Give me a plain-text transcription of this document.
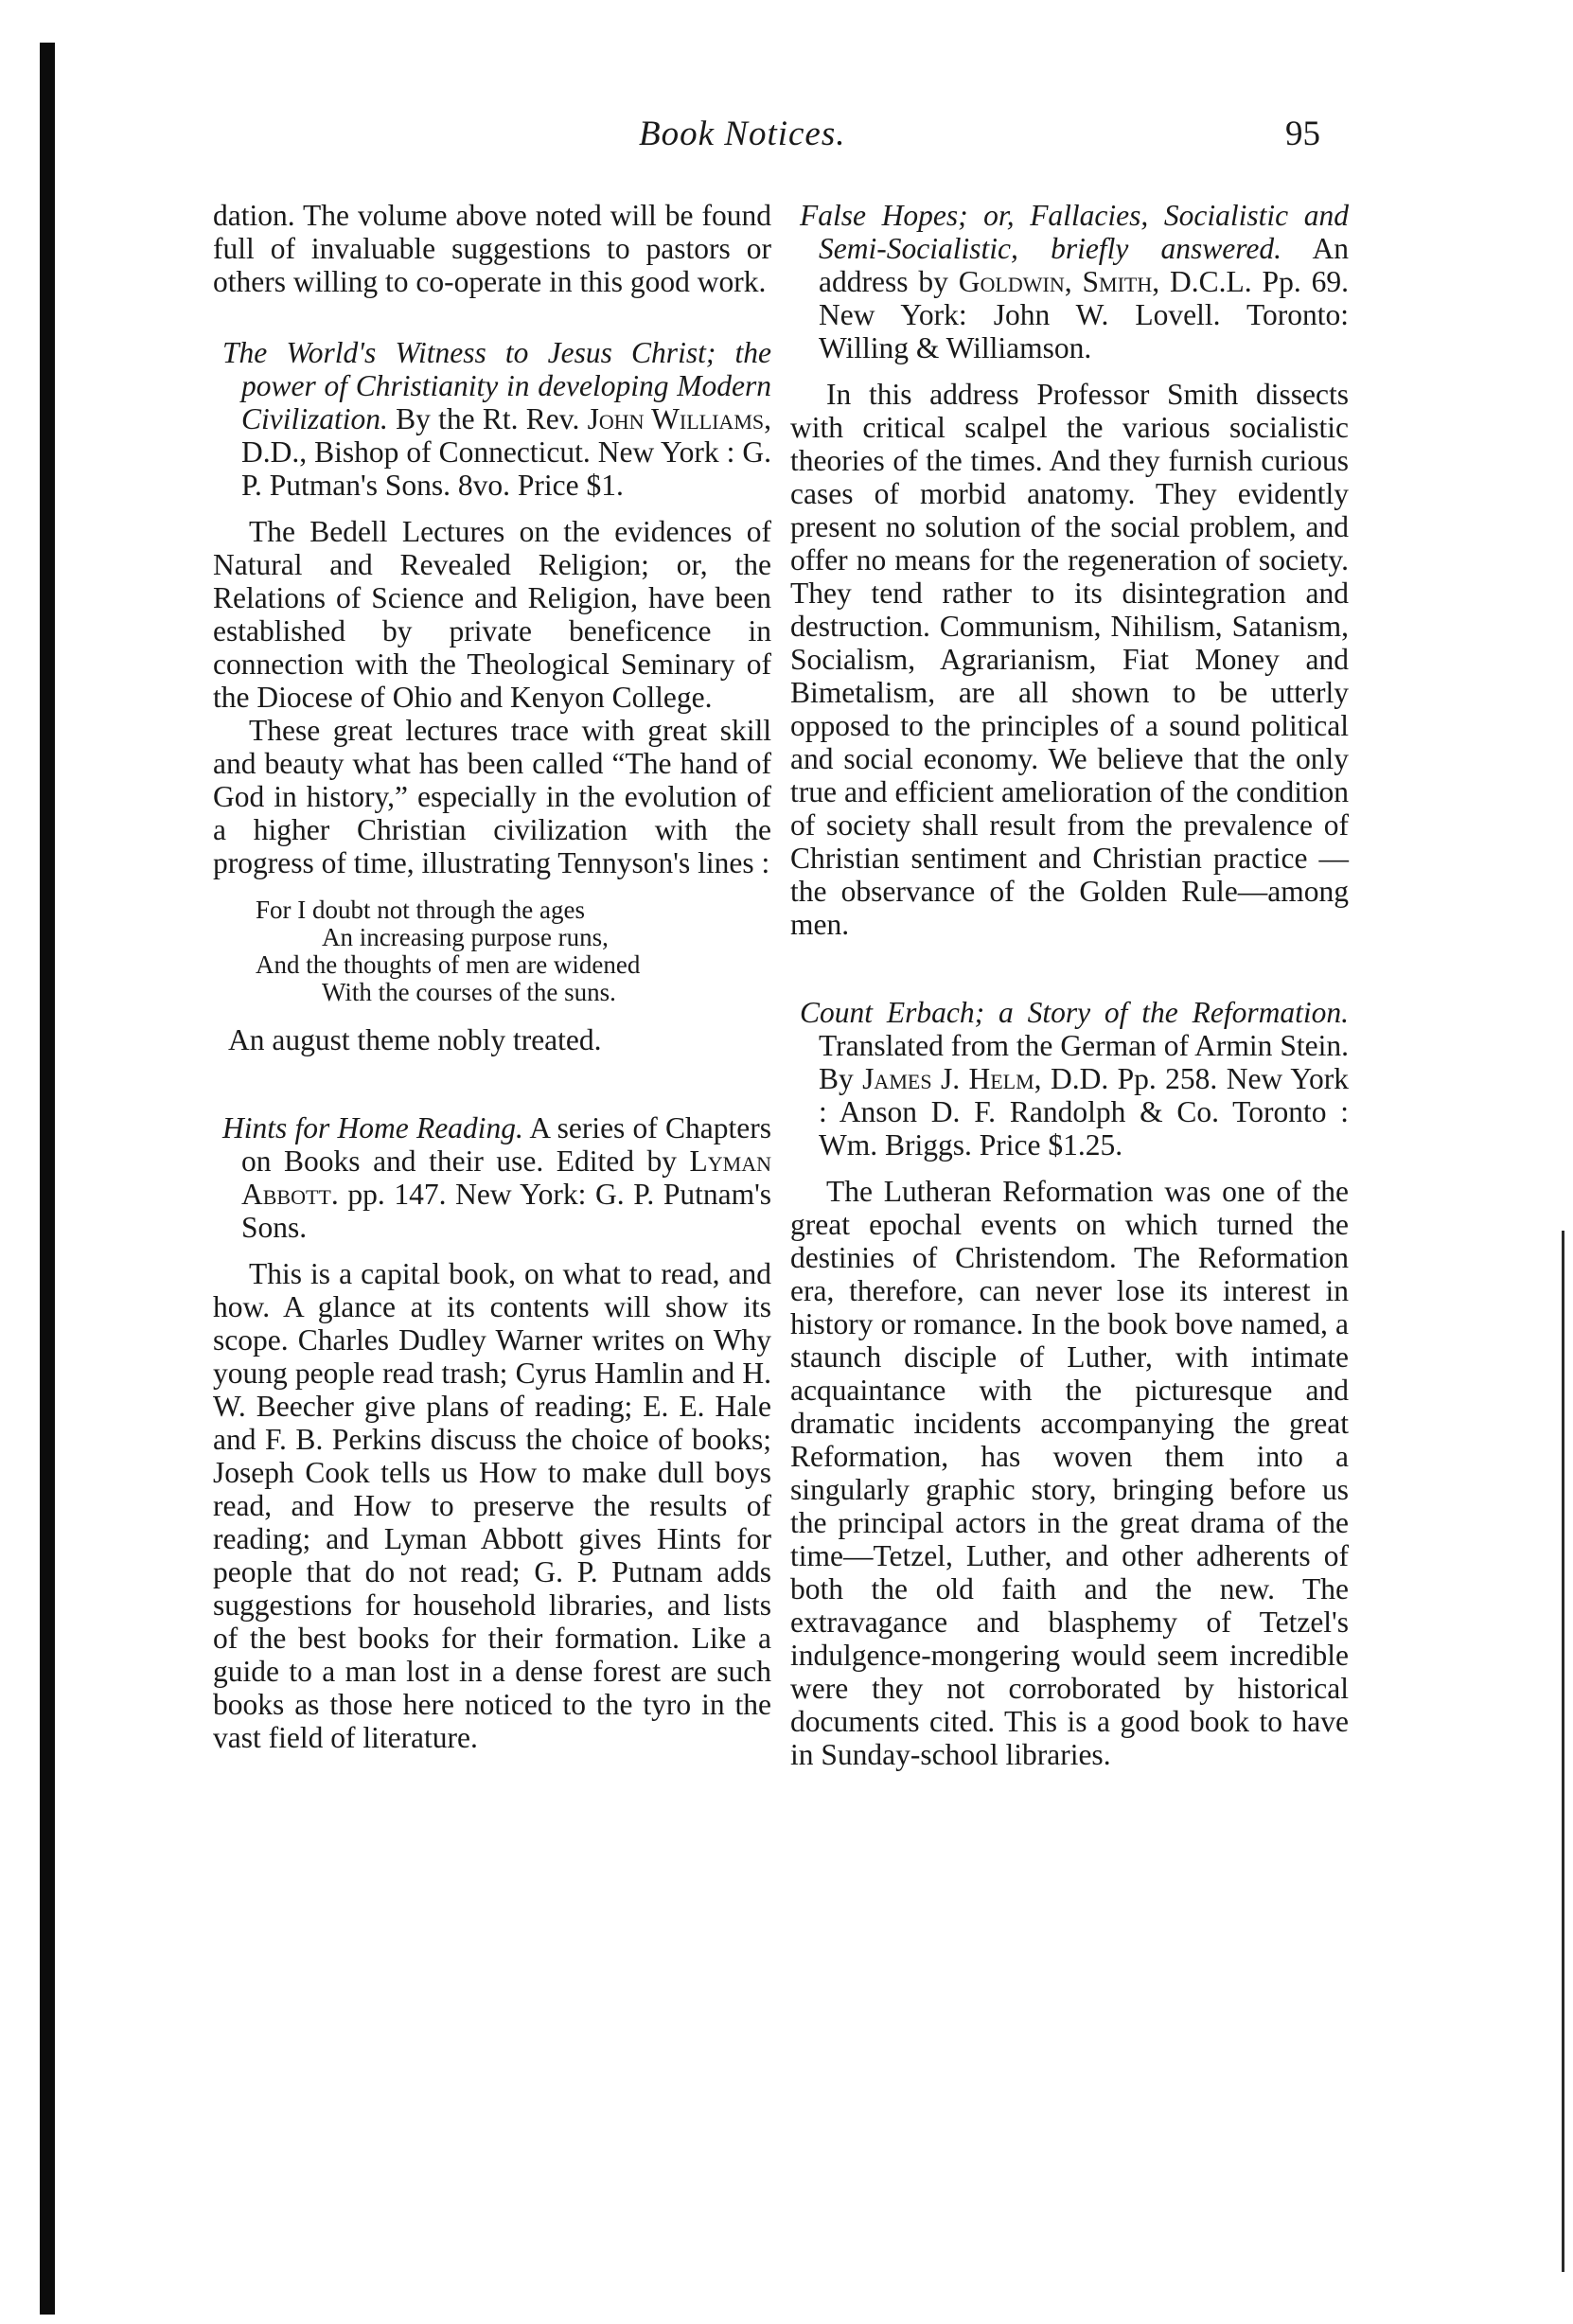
Book Notices.	95

dation. The volume above noted will be found full of invaluable suggestions to pastors or others willing to co-operate in this good work.

The World's Witness to Jesus Christ; the power of Christianity in developing Modern Civilization. By the Rt. Rev. John Williams, D.D., Bishop of Connecticut. New York : G. P. Putman's Sons. 8vo. Price $1.

The Bedell Lectures on the evidences of Natural and Revealed Religion; or, the Relations of Science and Religion, have been established by private beneficence in connection with the Theological Seminary of the Diocese of Ohio and Kenyon College.

These great lectures trace with great skill and beauty what has been called “The hand of God in history,” especially in the evolution of a higher Christian civilization with the progress of time, illustrating Tennyson's lines :

For I doubt not through the ages
An increasing purpose runs,
And the thoughts of men are widened
With the courses of the suns.

An august theme nobly treated.

Hints for Home Reading. A series of Chapters on Books and their use. Edited by Lyman Abbott. pp. 147. New York: G. P. Putnam's Sons.

This is a capital book, on what to read, and how. A glance at its contents will show its scope. Charles Dudley Warner writes on Why young people read trash; Cyrus Hamlin and H. W. Beecher give plans of reading; E. E. Hale and F. B. Perkins discuss the choice of books; Joseph Cook tells us How to make dull boys read, and How to preserve the results of reading; and Lyman Abbott gives Hints for people that do not read; G. P. Putnam adds suggestions for household libraries, and lists of the best books for their formation. Like a guide to a man lost in a dense forest are such books as those here noticed to the tyro in the vast field of literature.

False Hopes; or, Fallacies, Socialistic and Semi-Socialistic, briefly answered. An address by Goldwin, Smith, D.C.L. Pp. 69. New York: John W. Lovell. Toronto: Willing & Williamson.

In this address Professor Smith dissects with critical scalpel the various socialistic theories of the times. And they furnish curious cases of morbid anatomy. They evidently present no solution of the social problem, and offer no means for the regeneration of society. They tend rather to its disintegration and destruction. Communism, Nihilism, Satanism, Socialism, Agrarianism, Fiat Money and Bimetalism, are all shown to be utterly opposed to the principles of a sound political and social economy. We believe that the only true and efficient amelioration of the condition of society shall result from the prevalence of Christian sentiment and Christian practice —the observance of the Golden Rule—among men.

Count Erbach; a Story of the Reformation. Translated from the German of Armin Stein. By James J. Helm, D.D. Pp. 258. New York : Anson D. F. Randolph & Co. Toronto : Wm. Briggs. Price $1.25.

The Lutheran Reformation was one of the great epochal events on which turned the destinies of Christendom. The Reformation era, therefore, can never lose its interest in history or romance. In the book bove named, a staunch disciple of Luther, with intimate acquaintance with the picturesque and dramatic incidents accompanying the great Reformation, has woven them into a singularly graphic story, bringing before us the principal actors in the great drama of the time—Tetzel, Luther, and other adherents of both the old faith and the new. The extravagance and blasphemy of Tetzel's indulgence-mongering would seem incredible were they not corroborated by historical documents cited. This is a good book to have in Sunday-school libraries.
